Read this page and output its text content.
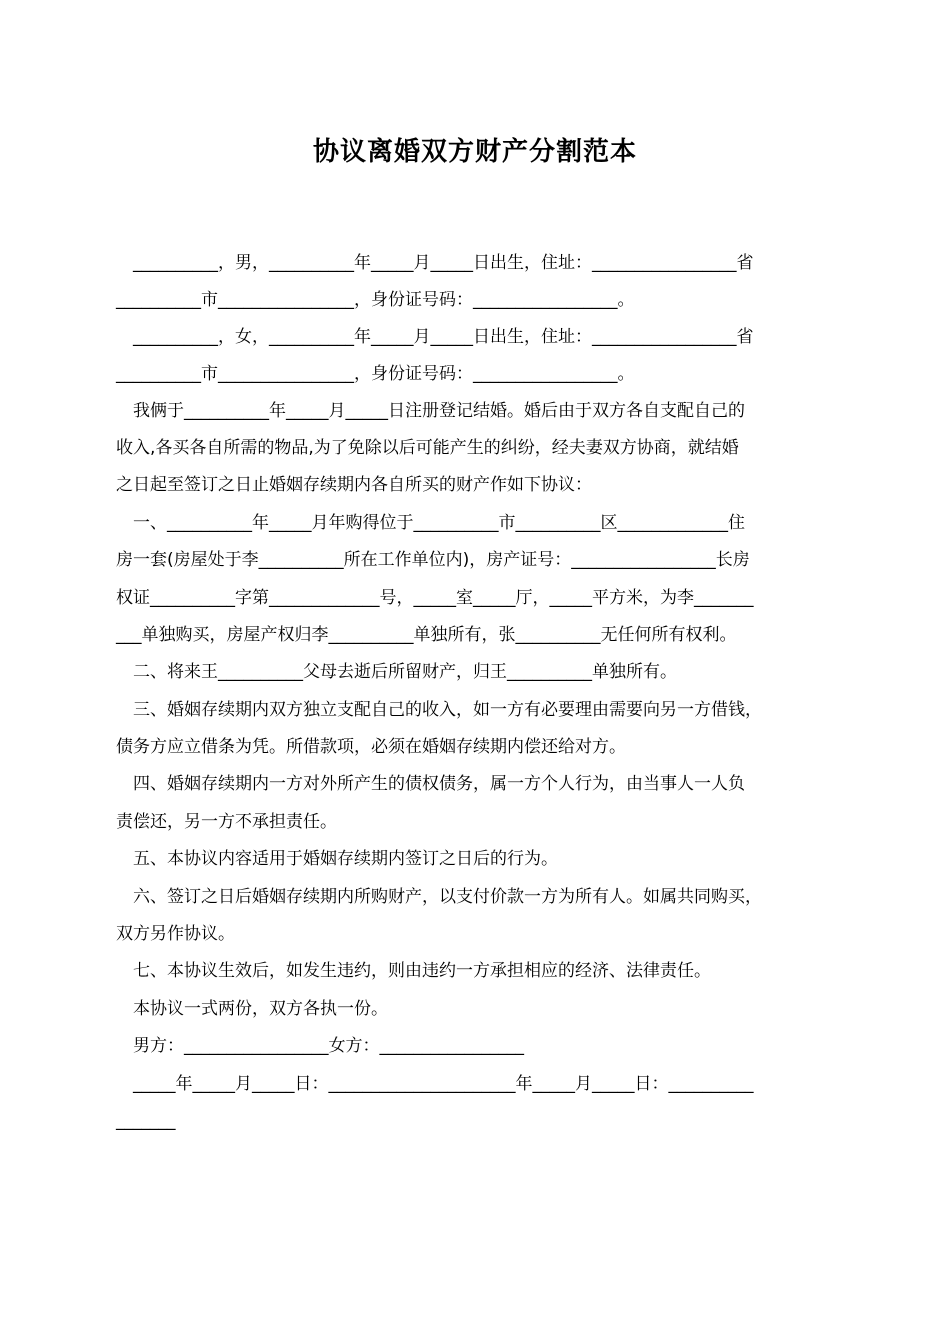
协议离婚双方财产分割范本
　__________，男，__________年_____月_____日出生，住址：_________________省
__________市________________，身份证号码：_________________。
　__________，女，__________年_____月_____日出生，住址：_________________省
__________市________________，身份证号码：_________________。
　我俩于__________年_____月_____日注册登记结婚。婚后由于双方各自支配自己的
收入,各买各自所需的物品,为了免除以后可能产生的纠纷，经夫妻双方协商，就结婚
之日起至签订之日止婚姻存续期内各自所买的财产作如下协议：
　一、__________年_____月年购得位于__________市__________区_____________住
房一套(房屋处于李__________所在工作单位内)，房产证号：_________________长房
权证__________字第_____________号，_____室_____厅，_____平方米，为李_______
___单独购买，房屋产权归李__________单独所有，张__________无任何所有权利。
　二、将来王__________父母去逝后所留财产，归王__________单独所有。
　三、婚姻存续期内双方独立支配自己的收入，如一方有必要理由需要向另一方借钱，
债务方应立借条为凭。所借款项，必须在婚姻存续期内偿还给对方。
　四、婚姻存续期内一方对外所产生的债权债务，属一方个人行为，由当事人一人负
责偿还，另一方不承担责任。
　五、本协议内容适用于婚姻存续期内签订之日后的行为。
　六、签订之日后婚姻存续期内所购财产，以支付价款一方为所有人。如属共同购买，
双方另作协议。
　七、本协议生效后，如发生违约，则由违约一方承担相应的经济、法律责任。
　本协议一式两份，双方各执一份。
　男方：_________________女方：_________________
　_____年_____月_____日：______________________年_____月_____日：__________
_______
